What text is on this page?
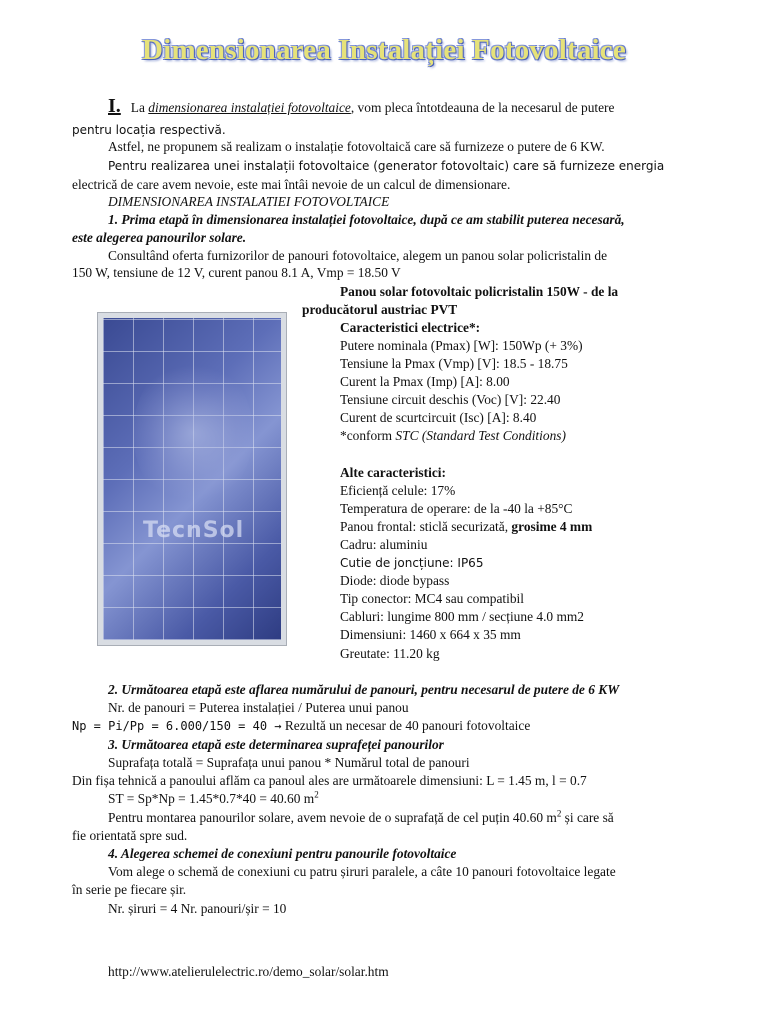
Dimensionarea Instalației Fotovoltaice
I. La dimensionarea instalației fotovoltaice, vom pleca întotdeauna de la necesarul de putere
pentru locația respectivă.
Astfel, ne propunem să realizam o instalație fotovoltaică care să furnizeze o putere de 6 KW.
Pentru realizarea unei instalații fotovoltaice (generator fotovoltaic) care să furnizeze energia
electrică de care avem nevoie, este mai întâi nevoie de un calcul de dimensionare.
DIMENSIONAREA INSTALATIEI FOTOVOLTAICE
1. Prima etapă în dimensionarea instalației fotovoltaice, după ce am stabilit puterea necesară,
este alegerea panourilor solare.
Consultând oferta furnizorilor de panouri fotovoltaice, alegem un panou solar policristalin de
150 W, tensiune de 12 V, curent panou 8.1 A, Vmp = 18.50 V
Panou solar fotovoltaic policristalin 150W - de la
producătorul austriac PVT
TecnSol
Caracteristici electrice*:
Putere nominala (Pmax) [W]: 150Wp (+ 3%)
Tensiune la Pmax (Vmp) [V]: 18.5 - 18.75
Curent la Pmax (Imp) [A]: 8.00
Tensiune circuit deschis (Voc) [V]: 22.40
Curent de scurtcircuit (Isc) [A]: 8.40
*conform STC (Standard Test Conditions)
Alte caracteristici:
Eficiență celule: 17%
Temperatura de operare: de la -40 la +85°C
Panou frontal: sticlă securizată, grosime 4 mm
Cadru: aluminiu
Cutie de joncțiune: IP65
Diode: diode bypass
Tip conector: MC4 sau compatibil
Cabluri: lungime 800 mm / secțiune 4.0 mm2
Dimensiuni: 1460 x 664 x 35 mm
Greutate: 11.20 kg
2. Următoarea etapă este aflarea numărului de panouri, pentru necesarul de putere de 6 KW
Nr. de panouri = Puterea instalației / Puterea unui panou
Np = Pi/Pp = 6.000/150 = 40 → Rezultă un necesar de 40 panouri fotovoltaice
3. Următoarea etapă este determinarea suprafeței panourilor
Suprafața totală = Suprafața unui panou * Numărul total de panouri
Din fișa tehnică a panoului aflăm ca panoul ales are următoarele dimensiuni: L = 1.45 m, l = 0.7
ST = Sp*Np = 1.45*0.7*40 = 40.60 $m^2$
Pentru montarea panourilor solare, avem nevoie de o suprafață de cel puțin 40.60 $m^2$ și care să
fie orientată spre sud.
4. Alegerea schemei de conexiuni pentru panourile fotovoltaice
Vom alege o schemă de conexiuni cu patru șiruri paralele, a câte 10 panouri fotovoltaice legate
în serie pe fiecare șir.
Nr. șiruri = 4 Nr. panouri/șir = 10
http://www.atelierulelectric.ro/demo_solar/solar.htm
